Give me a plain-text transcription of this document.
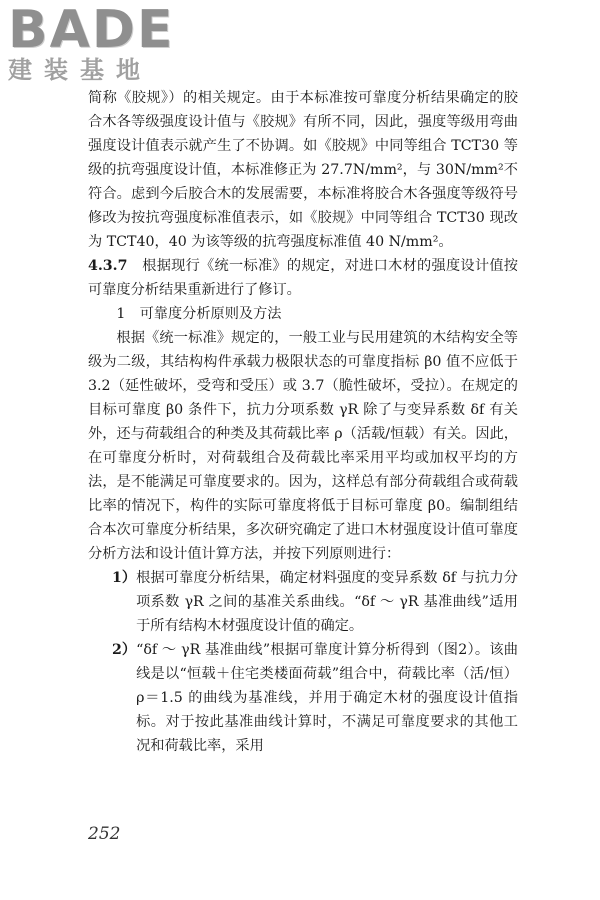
BADE
建装基地

简称《胶规》）的相关规定。由于本标准按可靠度分析结果确定的胶合木各等级强度设计值与《胶规》有所不同，因此，强度等级用弯曲强度设计值表示就产生了不协调。如《胶规》中同等组合 TCT30 等级的抗弯强度设计值，本标准修正为 27.7N/mm²，与 30N/mm²不符合。虑到今后胶合木的发展需要，本标准将胶合木各强度等级符号修改为按抗弯强度标准值表示，如《胶规》中同等组合 TCT30 现改为 TCT40，40 为该等级的抗弯强度标准值 40 N/mm²。

4.3.7　 根据现行《统一标准》的规定，对进口木材的强度设计值按可靠度分析结果重新进行了修订。

1　可靠度分析原则及方法

根据《统一标准》规定的，一般工业与民用建筑的木结构安全等级为二级，其结构构件承载力极限状态的可靠度指标 β0 值不应低于 3.2（延性破坏，受弯和受压）或 3.7（脆性破坏，受拉）。在规定的目标可靠度 β0 条件下，抗力分项系数 γR 除了与变异系数 δf 有关外，还与荷载组合的种类及其荷载比率 ρ（活载/恒载）有关。因此，在可靠度分析时，对荷载组合及荷载比率采用平均或加权平均的方法，是不能满足可靠度要求的。因为，这样总有部分荷载组合或荷载比率的情况下，构件的实际可靠度将低于目标可靠度 β0。编制组结合本次可靠度分析结果，多次研究确定了进口木材强度设计值可靠度分析方法和设计值计算方法，并按下列原则进行：

1） 根据可靠度分析结果，确定材料强度的变异系数 δf 与抗力分项系数 γR 之间的基准关系曲线。“δf ～ γR 基准曲线”适用于所有结构木材强度设计值的确定。
2） “δf ～ γR 基准曲线”根据可靠度计算分析得到（图2）。该曲线是以“恒载＋住宅类楼面荷载”组合中，荷载比率（活/恒）ρ＝1.5 的曲线为基准线，并用于确定木材的强度设计值指标。对于按此基准曲线计算时，不满足可靠度要求的其他工况和荷载比率，采用
252
